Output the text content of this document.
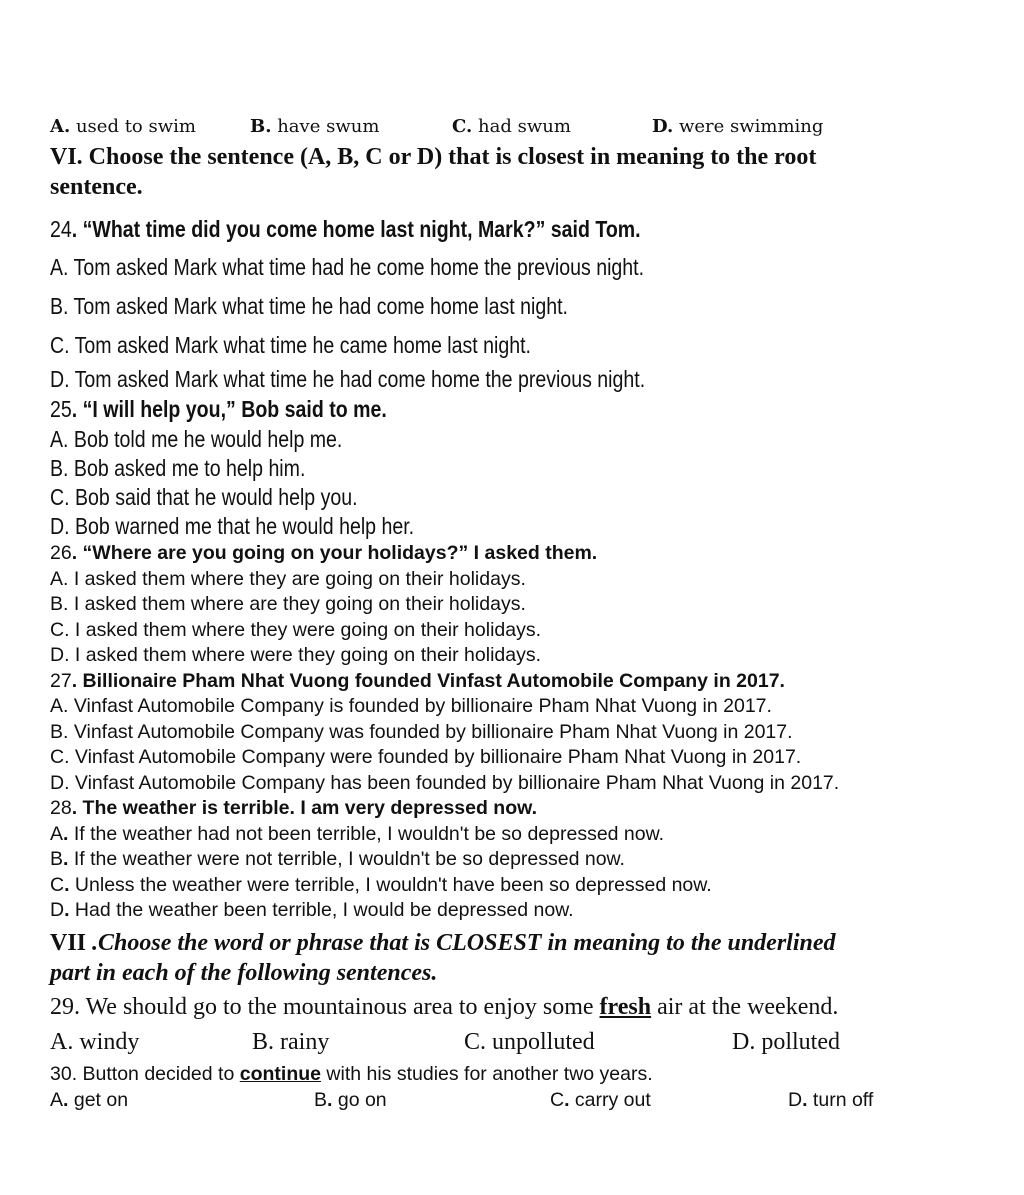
A. used to swim	B. have swum	C. had swum	D. were swimming
VI. Choose the sentence (A, B, C or D) that is closest in meaning to the root
sentence.
24. “What time did you come home last night, Mark?” said Tom.
A. Tom asked Mark what time had he come home the previous night.
B. Tom asked Mark what time he had come home last night.
C. Tom asked Mark what time he came home last night.
D. Tom asked Mark what time he had come home the previous night.
25. “I will help you,” Bob said to me.
A. Bob told me he would help me.
B. Bob asked me to help him.
C. Bob said that he would help you.
D. Bob warned me that he would help her.
26. “Where are you going on your holidays?” I asked them.
A. I asked them where they are going on their holidays.
B. I asked them where are they going on their holidays.
C. I asked them where they were going on their holidays.
D. I asked them where were they going on their holidays.
27. Billionaire Pham Nhat Vuong founded Vinfast Automobile Company in 2017.
A. Vinfast Automobile Company is founded by billionaire Pham Nhat Vuong in 2017.
B. Vinfast Automobile Company was founded by billionaire Pham Nhat Vuong in 2017.
C. Vinfast Automobile Company were founded by billionaire Pham Nhat Vuong in 2017.
D. Vinfast Automobile Company has been founded by billionaire Pham Nhat Vuong in 2017.
28. The weather is terrible. I am very depressed now.
A. If the weather had not been terrible, I wouldn't be so depressed now.
B. If the weather were not terrible, I wouldn't be so depressed now.
C. Unless the weather were terrible, I wouldn't have been so depressed now.
D. Had the weather been terrible, I would be depressed now.
VII .Choose the word or phrase that is CLOSEST in meaning to the underlined
part in each of the following sentences.
29. We should go to the mountainous area to enjoy some fresh air at the weekend.
A. windy	B. rainy	C. unpolluted	D. polluted
30. Button decided to continue with his studies for another two years.
A. get on	B. go on	C. carry out	D. turn off
